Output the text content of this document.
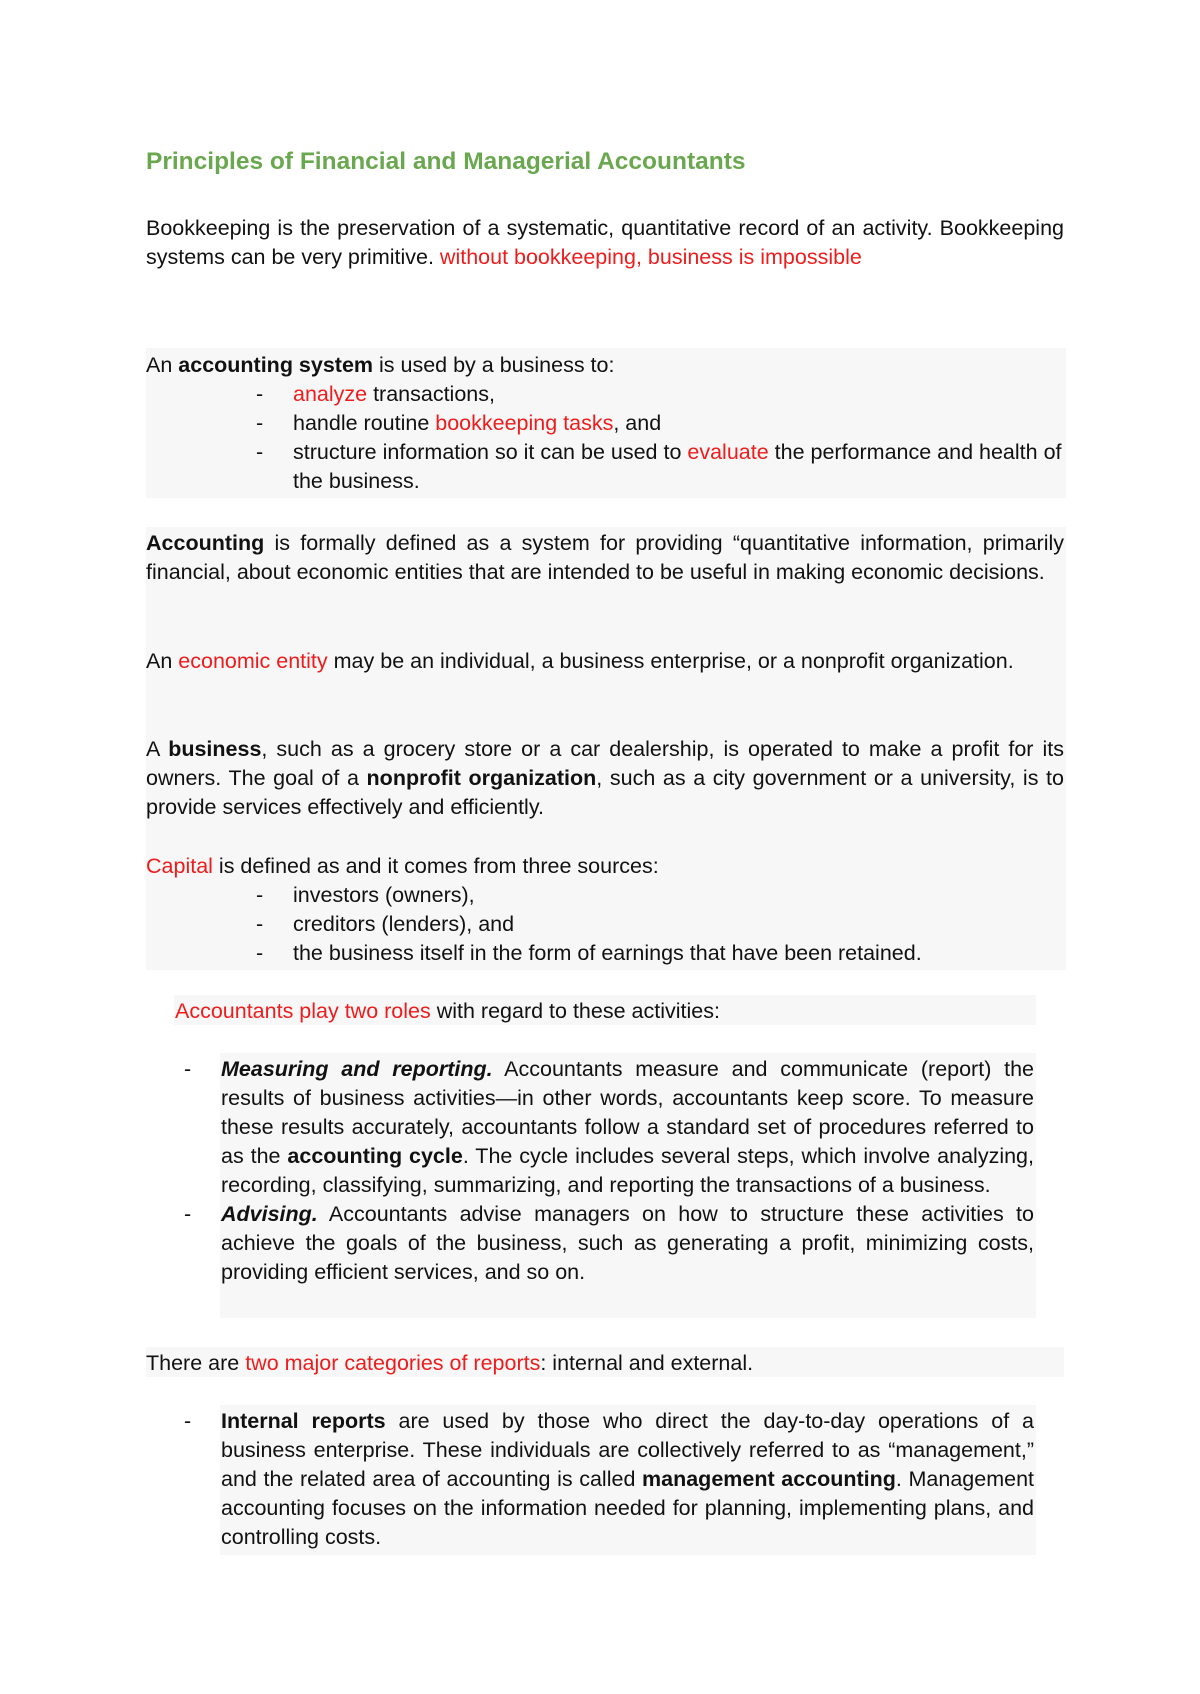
Principles of Financial and Managerial Accountants

Bookkeeping is the preservation of a systematic, quantitative record of an activity. Bookkeeping systems can be very primitive. without bookkeeping, business is impossible

An accounting system is used by a business to:

- analyze transactions,
- handle routine bookkeeping tasks, and
- structure information so it can be used to evaluate the performance and health of the business.

Accounting is formally defined as a system for providing “quantitative information, primarily financial, about economic entities that are intended to be useful in making economic decisions.

An economic entity may be an individual, a business enterprise, or a nonprofit organization.

A business, such as a grocery store or a car dealership, is operated to make a profit for its owners. The goal of a nonprofit organization, such as a city government or a university, is to provide services effectively and efficiently.

Capital is defined as and it comes from three sources:

- investors (owners),
- creditors (lenders), and
- the business itself in the form of earnings that have been retained.

Accountants play two roles with regard to these activities:

- Measuring and reporting. Accountants measure and communicate (report) the results of business activities—in other words, accountants keep score. To measure these results accurately, accountants follow a standard set of procedures referred to as the accounting cycle. The cycle includes several steps, which involve analyzing, recording, classifying, summarizing, and reporting the transactions of a business.
- Advising. Accountants advise managers on how to structure these activities to achieve the goals of the business, such as generating a profit, minimizing costs, providing efficient services, and so on.

There are two major categories of reports: internal and external.

- Internal reports are used by those who direct the day-to-day operations of a business enterprise. These individuals are collectively referred to as “management,” and the related area of accounting is called management accounting. Management accounting focuses on the information needed for planning, implementing plans, and controlling costs.
